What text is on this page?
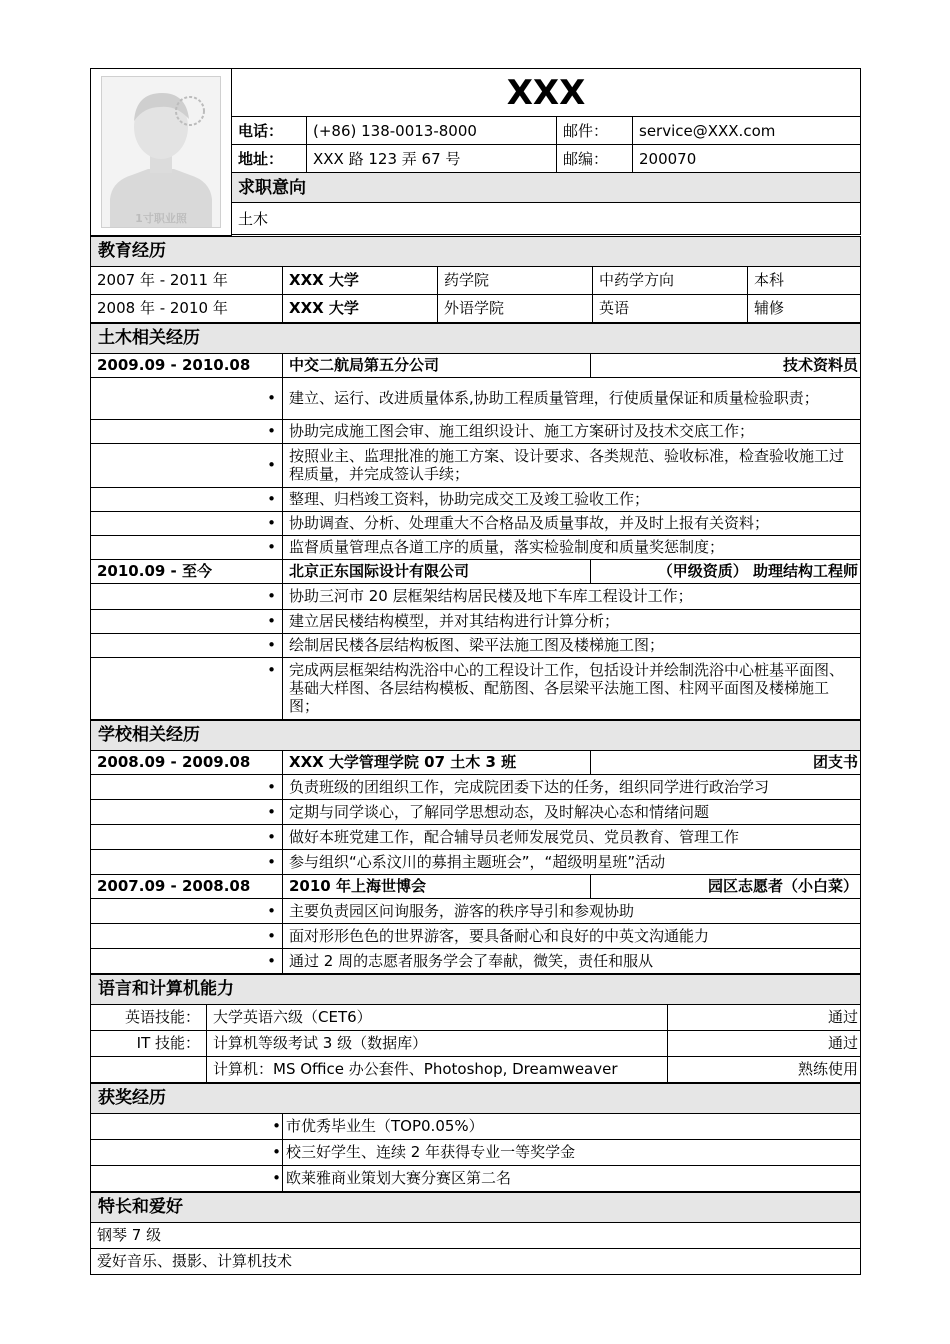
1寸职业照	XXX			
	电话：	(+86) 138-0013-8000	邮件：	service@XXX.com
	地址：	XXX 路 123 弄 67 号	邮编：	200070
	求职意向			
	土木			

教育经历				
2007 年 - 2011 年	XXX 大学	药学院	中药学方向	本科
2008 年 - 2010 年	XXX 大学	外语学院	英语	辅修
土木相关经历		
2009.09 - 2010.08	中交二航局第五分公司	技术资料员
•	建立、运行、改进质量体系,协助工程质量管理，行使质量保证和质量检验职责；	
•	协助完成施工图会审、施工组织设计、施工方案研讨及技术交底工作；	
•	按照业主、监理批准的施工方案、设计要求、各类规范、验收标准，检查验收施工过程质量，并完成签认手续；	
•	整理、归档竣工资料，协助完成交工及竣工验收工作；	
•	协助调查、分析、处理重大不合格品及质量事故，并及时上报有关资料；	
•	监督质量管理点各道工序的质量，落实检验制度和质量奖惩制度；	
2010.09 - 至今	北京正东国际设计有限公司	（甲级资质） 助理结构工程师
•	协助三河市 20 层框架结构居民楼及地下车库工程设计工作；	
•	建立居民楼结构模型，并对其结构进行计算分析；	
•	绘制居民楼各层结构板图、梁平法施工图及楼梯施工图；	
•	完成两层框架结构洗浴中心的工程设计工作，包括设计并绘制洗浴中心桩基平面图、基础大样图、各层结构模板、配筋图、各层梁平法施工图、柱网平面图及楼梯施工图；	
学校相关经历		
2008.09 - 2009.08	XXX 大学管理学院 07 土木 3 班	团支书
•	负责班级的团组织工作，完成院团委下达的任务，组织同学进行政治学习	
•	定期与同学谈心，了解同学思想动态，及时解决心态和情绪问题	
•	做好本班党建工作，配合辅导员老师发展党员、党员教育、管理工作	
•	参与组织“心系汶川的募捐主题班会”，“超级明星班”活动	
2007.09 - 2008.08	2010 年上海世博会	园区志愿者（小白菜）
•	主要负责园区问询服务，游客的秩序导引和参观协助	
•	面对形形色色的世界游客，要具备耐心和良好的中英文沟通能力	
•	通过 2 周的志愿者服务学会了奉献，微笑，责任和服从	
语言和计算机能力		
英语技能：	大学英语六级（CET6）	通过
IT 技能：	计算机等级考试 3 级（数据库）	通过
	计算机：MS Office 办公套件、Photoshop, Dreamweaver	熟练使用
获奖经历	
•	市优秀毕业生（TOP0.05%）
•	校三好学生、连续 2 年获得专业一等奖学金
•	欧莱雅商业策划大赛分赛区第二名
特长和爱好
钢琴 7 级
爱好音乐、摄影、计算机技术
